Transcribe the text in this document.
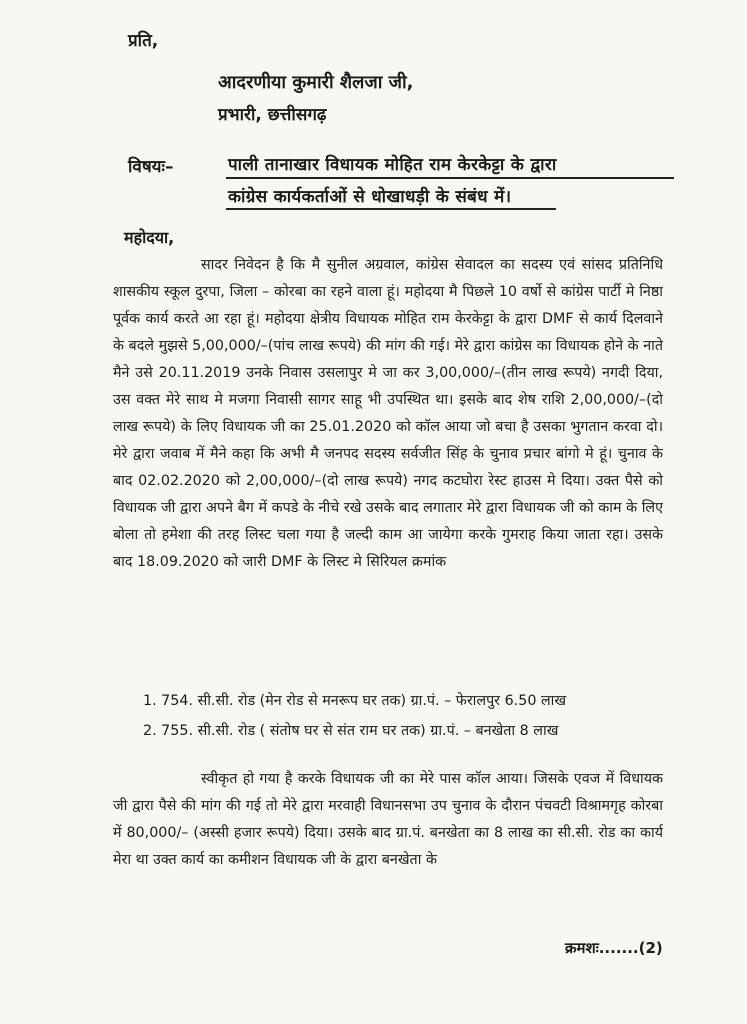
प्रति,
आदरणीया कुमारी शैलजा जी,
प्रभारी, छत्तीसगढ़
विषयः–	पाली तानाखार विधायक मोहित राम केरकेट्टा के द्वारा
कांग्रेस कार्यकर्ताओं से धोखाधड़ी के संबंध में।
महोदया,

सादर निवेदन है कि मै सुनील अग्रवाल, कांग्रेस सेवादल का सदस्य एवं सांसद प्रतिनिधि शासकीय स्कूल दुरपा, जिला – कोरबा का रहने वाला हूं। महोदया मै पिछले 10 वर्षो से कांग्रेस पार्टी मे निष्ठा पूर्वक कार्य करते आ रहा हूं। महोदया क्षेत्रीय विधायक मोहित राम केरकेट्टा के द्वारा DMF से कार्य दिलवाने के बदले मुझसे 5,00,000/–(पांच लाख रूपये) की मांग की गई। मेरे द्वारा कांग्रेस का विधायक होने के नाते मैने उसे 20.11.2019 उनके निवास उसलापुर मे जा कर 3,00,000/–(तीन लाख रूपये) नगदी दिया, उस वक्त मेरे साथ मे मजगा निवासी सागर साहू भी उपस्थित था। इसके बाद शेष राशि 2,00,000/–(दो लाख रूपये) के लिए विधायक जी का 25.01.2020 को कॉल आया जो बचा है उसका भुगतान करवा दो। मेरे द्वारा जवाब में मैने कहा कि अभी मै जनपद सदस्य सर्वजीत सिंह के चुनाव प्रचार बांगो मे हूं। चुनाव के बाद 02.02.2020 को 2,00,000/–(दो लाख रूपये) नगद कटघोरा रेस्ट हाउस मे दिया। उक्त पैसे को विधायक जी द्वारा अपने बैग में कपडे के नीचे रखे उसके बाद लगातार मेरे द्वारा विधायक जी को काम के लिए बोला तो हमेशा की तरह लिस्ट चला गया है जल्दी काम आ जायेगा करके गुमराह किया जाता रहा। उसके बाद 18.09.2020 को जारी DMF के लिस्ट मे सिरियल क्रमांक

1. 754. सी.सी. रोड (मेन रोड से मनरूप घर तक) ग्रा.पं. – फेरालपुर 6.50 लाख
2. 755. सी.सी. रोड ( संतोष घर से संत राम घर तक) ग्रा.पं. – बनखेता 8 लाख

स्वीकृत हो गया है करके विधायक जी का मेरे पास कॉल आया। जिसके एवज में विधायक जी द्वारा पैसे की मांग की गई तो मेरे द्वारा मरवाही विधानसभा उप चुनाव के दौरान पंचवटी विश्रामगृह कोरबा में 80,000/– (अस्सी हजार रूपये) दिया। उसके बाद ग्रा.पं. बनखेता का 8 लाख का सी.सी. रोड का कार्य मेरा था उक्त कार्य का कमीशन विधायक जी के द्वारा बनखेता के

क्रमशः.......(2)
